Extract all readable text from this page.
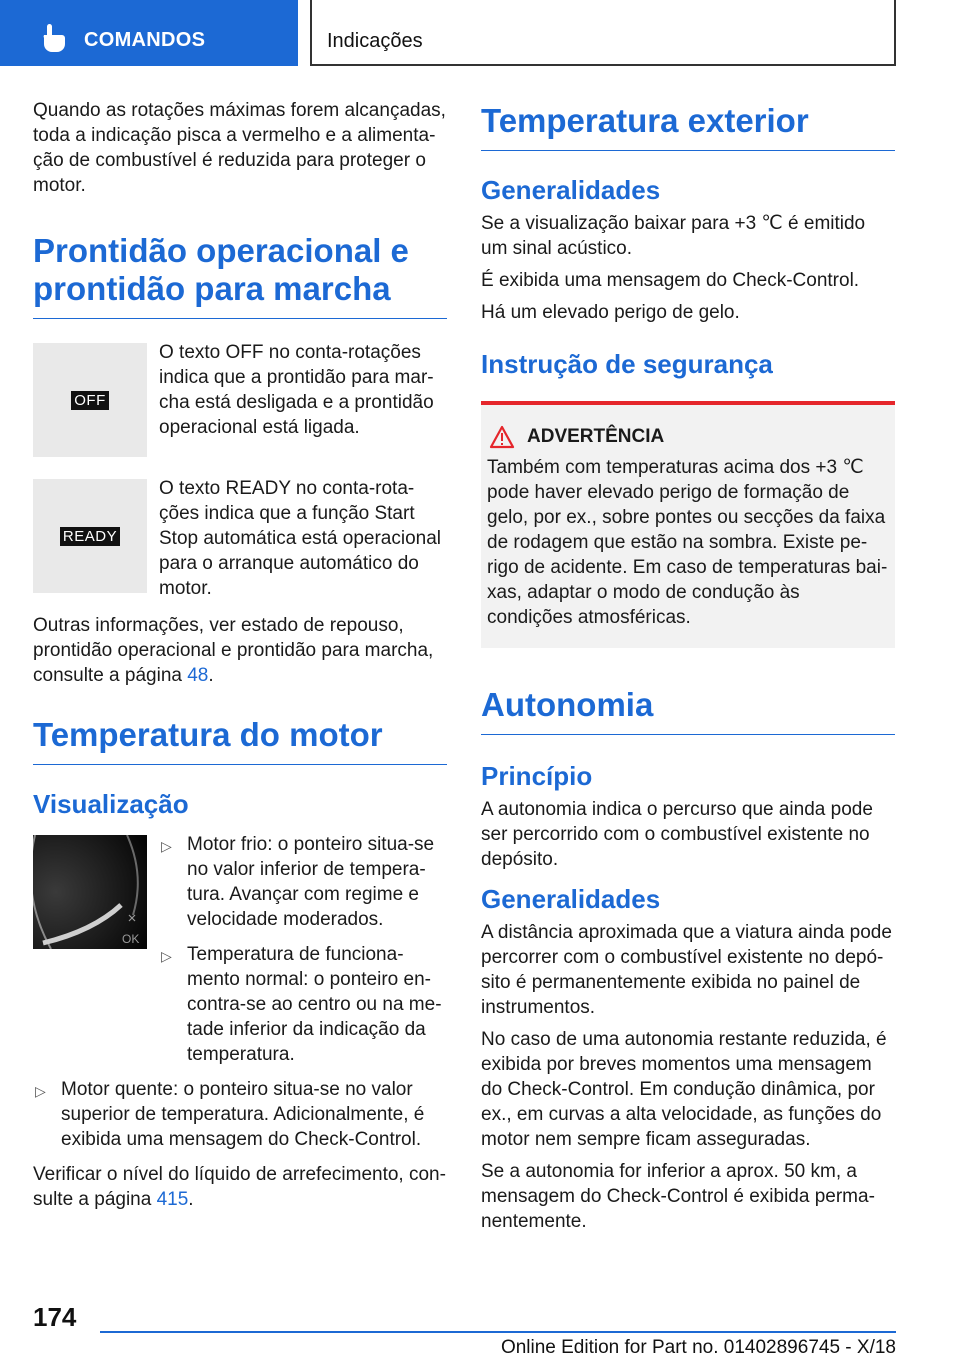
COMANDOS	Indicações

Quando as rotações máximas forem alcançadas, toda a indicação pisca a vermelho e a alimenta-ção de combustível é reduzida para proteger o motor.

Prontidão operacional e prontidão para marcha
OFF

O texto OFF no conta-rotações indica que a prontidão para mar-cha está desligada e a prontidão operacional está ligada.

READY

O texto READY no conta-rota-ções indica que a função Start Stop automática está operacional para o arranque automático do motor.

Outras informações, ver estado de repouso, prontidão operacional e prontidão para marcha, consulte a página 48.

Temperatura do motor
Visualização
OK
▷ Motor frio: o ponteiro situa-se no valor inferior de tempera-tura. Avançar com regime e velocidade moderados.
▷ Temperatura de funciona-mento normal: o ponteiro en-contra-se ao centro ou na me-tade inferior da indicação da temperatura.
▷ Motor quente: o ponteiro situa-se no valor superior de temperatura. Adicionalmente, é exibida uma mensagem do Check-Control.

Verificar o nível do líquido de arrefecimento, con-sulte a página 415.

Temperatura exterior
Generalidades

Se a visualização baixar para +3 ℃ é emitido um sinal acústico.

É exibida uma mensagem do Check-Control.

Há um elevado perigo de gelo.

Instrução de segurança
ADVERTÊNCIA

Também com temperaturas acima dos +3 ℃ pode haver elevado perigo de formação de gelo, por ex., sobre pontes ou secções da faixa de rodagem que estão na sombra. Existe pe-rigo de acidente. Em caso de temperaturas bai-xas, adaptar o modo de condução às condições atmosféricas.

Autonomia
Princípio

A autonomia indica o percurso que ainda pode ser percorrido com o combustível existente no depósito.

Generalidades

A distância aproximada que a viatura ainda pode percorrer com o combustível existente no depó-sito é permanentemente exibida no painel de instrumentos.

No caso de uma autonomia restante reduzida, é exibida por breves momentos uma mensagem do Check-Control. Em condução dinâmica, por ex., em curvas a alta velocidade, as funções do motor nem sempre ficam asseguradas.

Se a autonomia for inferior a aprox. 50 km, a mensagem do Check-Control é exibida perma-nentemente.

174
Online Edition for Part no. 01402896745 - X/18
